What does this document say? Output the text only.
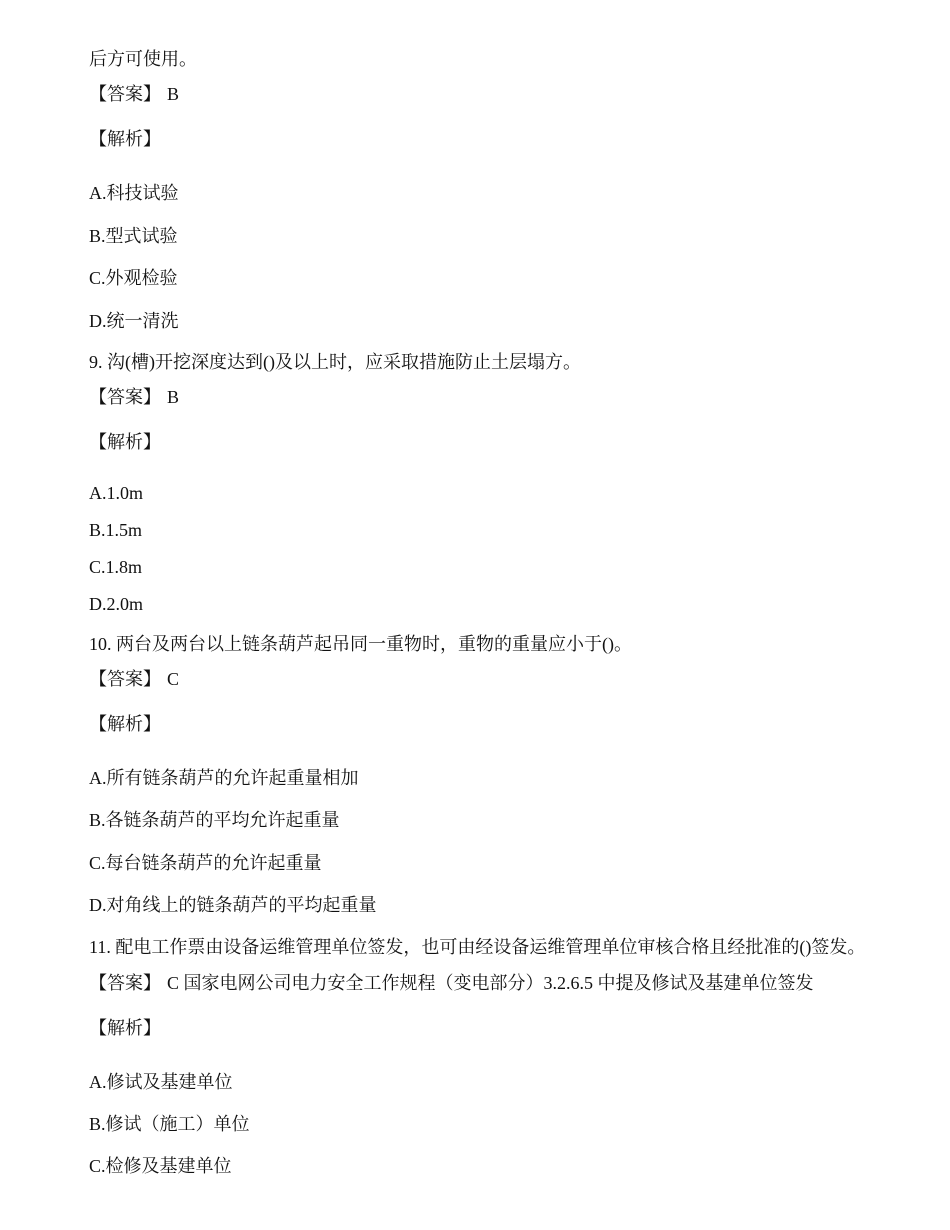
后方可使用。
【答案】 B
【解析】
A.科技试验
B.型式试验
C.外观检验
D.统一清洗
9. 沟(槽)开挖深度达到()及以上时，应采取措施防止土层塌方。
【答案】 B
【解析】
A.1.0m
B.1.5m
C.1.8m
D.2.0m
10. 两台及两台以上链条葫芦起吊同一重物时，重物的重量应小于()。
【答案】 C
【解析】
A.所有链条葫芦的允许起重量相加
B.各链条葫芦的平均允许起重量
C.每台链条葫芦的允许起重量
D.对角线上的链条葫芦的平均起重量
11. 配电工作票由设备运维管理单位签发，也可由经设备运维管理单位审核合格且经批准的()签发。
【答案】 C 国家电网公司电力安全工作规程（变电部分）3.2.6.5 中提及修试及基建单位签发
【解析】
A.修试及基建单位
B.修试（施工）单位
C.检修及基建单位
